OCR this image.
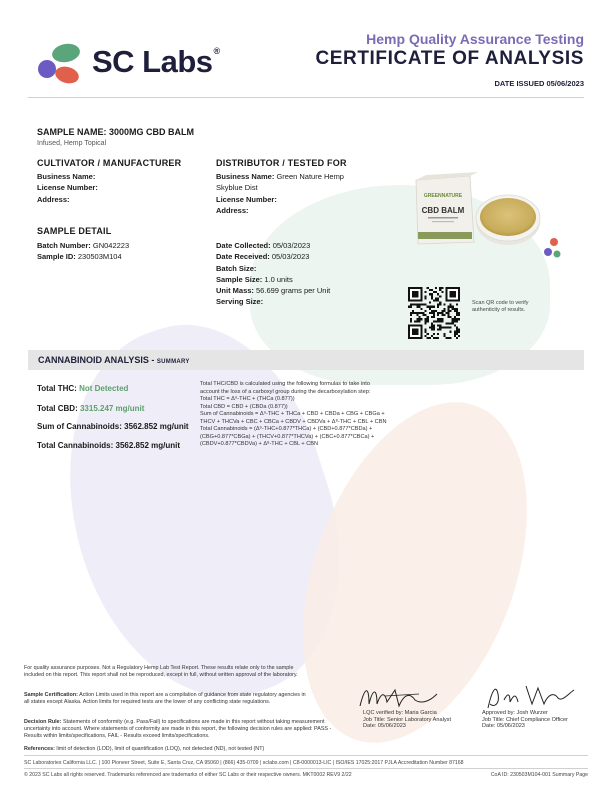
SC Labs®
Hemp Quality Assurance Testing
CERTIFICATE OF ANALYSIS
DATE ISSUED 05/06/2023
SAMPLE NAME: 3000MG CBD BALM
Infused, Hemp Topical
CULTIVATOR / MANUFACTURER
Business Name:
License Number:
Address:
DISTRIBUTOR / TESTED FOR
Business Name: Green Nature Hemp
Skyblue Dist
License Number:
Address:
GREENNATURE
CBD BALM
SAMPLE DETAIL
Batch Number: GN042223
Sample ID: 230503M104
Date Collected: 05/03/2023
Date Received: 05/03/2023
Batch Size:
Sample Size: 1.0 units
Unit Mass: 56.699 grams per Unit
Serving Size:	Scan QR code to verify authenticity of results.
CANNABINOID ANALYSIS - SUMMARY
Total THC: Not Detected
Total CBD: 3315.247 mg/unit
Sum of Cannabinoids: 3562.852 mg/unit
Total Cannabinoids: 3562.852 mg/unit
Total THC/CBD is calculated using the following formulas to take into
account the loss of a carboxyl group during the decarboxylation step:
Total THC = Δ⁹-THC + (THCa (0.877))
Total CBD = CBD + (CBDa (0.877))
Sum of Cannabinoids = Δ⁹-THC + THCa + CBD + CBDa + CBG + CBGa +
THCV + THCVa + CBC + CBCa + CBDV + CBDVa + Δ⁸-THC + CBL + CBN
Total Cannabinoids = (Δ⁹-THC+0.877*THCa) + (CBD+0.877*CBDa) +
(CBG+0.877*CBGa) + (THCV+0.877*THCVa) + (CBC+0.877*CBCa) +
(CBDV+0.877*CBDVa) + Δ⁸-THC + CBL + CBN
For quality assurance purposes. Not a Regulatory Hemp Lab Test Report. These results relate only to the sample included on this report. This report shall not be reproduced, except in full, without written approval of the laboratory.
Sample Certification: Action Limits used in this report are a compilation of guidance from state regulatory agencies in all states except Alaska. Action limits for required tests are the lower of any conflicting state regulations.
Decision Rule: Statements of conformity (e.g. Pass/Fail) to specifications are made in this report without taking measurement uncertainty into account. Where statements of conformity are made in this report, the following decision rules are applied: PASS - Results within limits/specifications, FAIL - Results exceed limits/specifications.
References: limit of detection (LOD), limit of quantification (LOQ), not detected (ND), not tested (NT)
LQC verified by: Maria Garcia
Job Title: Senior Laboratory Analyst
Date: 05/06/2023
Approved by: Josh Wurzer
Job Title: Chief Compliance Officer
Date: 05/06/2023
SC Laboratories California LLC. | 100 Pioneer Street, Suite E, Santa Cruz, CA 95060 | (866) 435-0709 | sclabs.com | C8-0000013-LIC | ISO/IES 17025:2017 PJLA Accreditation Number 87168
© 2023 SC Labs all rights reserved. Trademarks referenced are trademarks of either SC Labs or their respective owners. MKT0002 REV9 2/22	CoA ID: 230503M104-001 Summary Page
